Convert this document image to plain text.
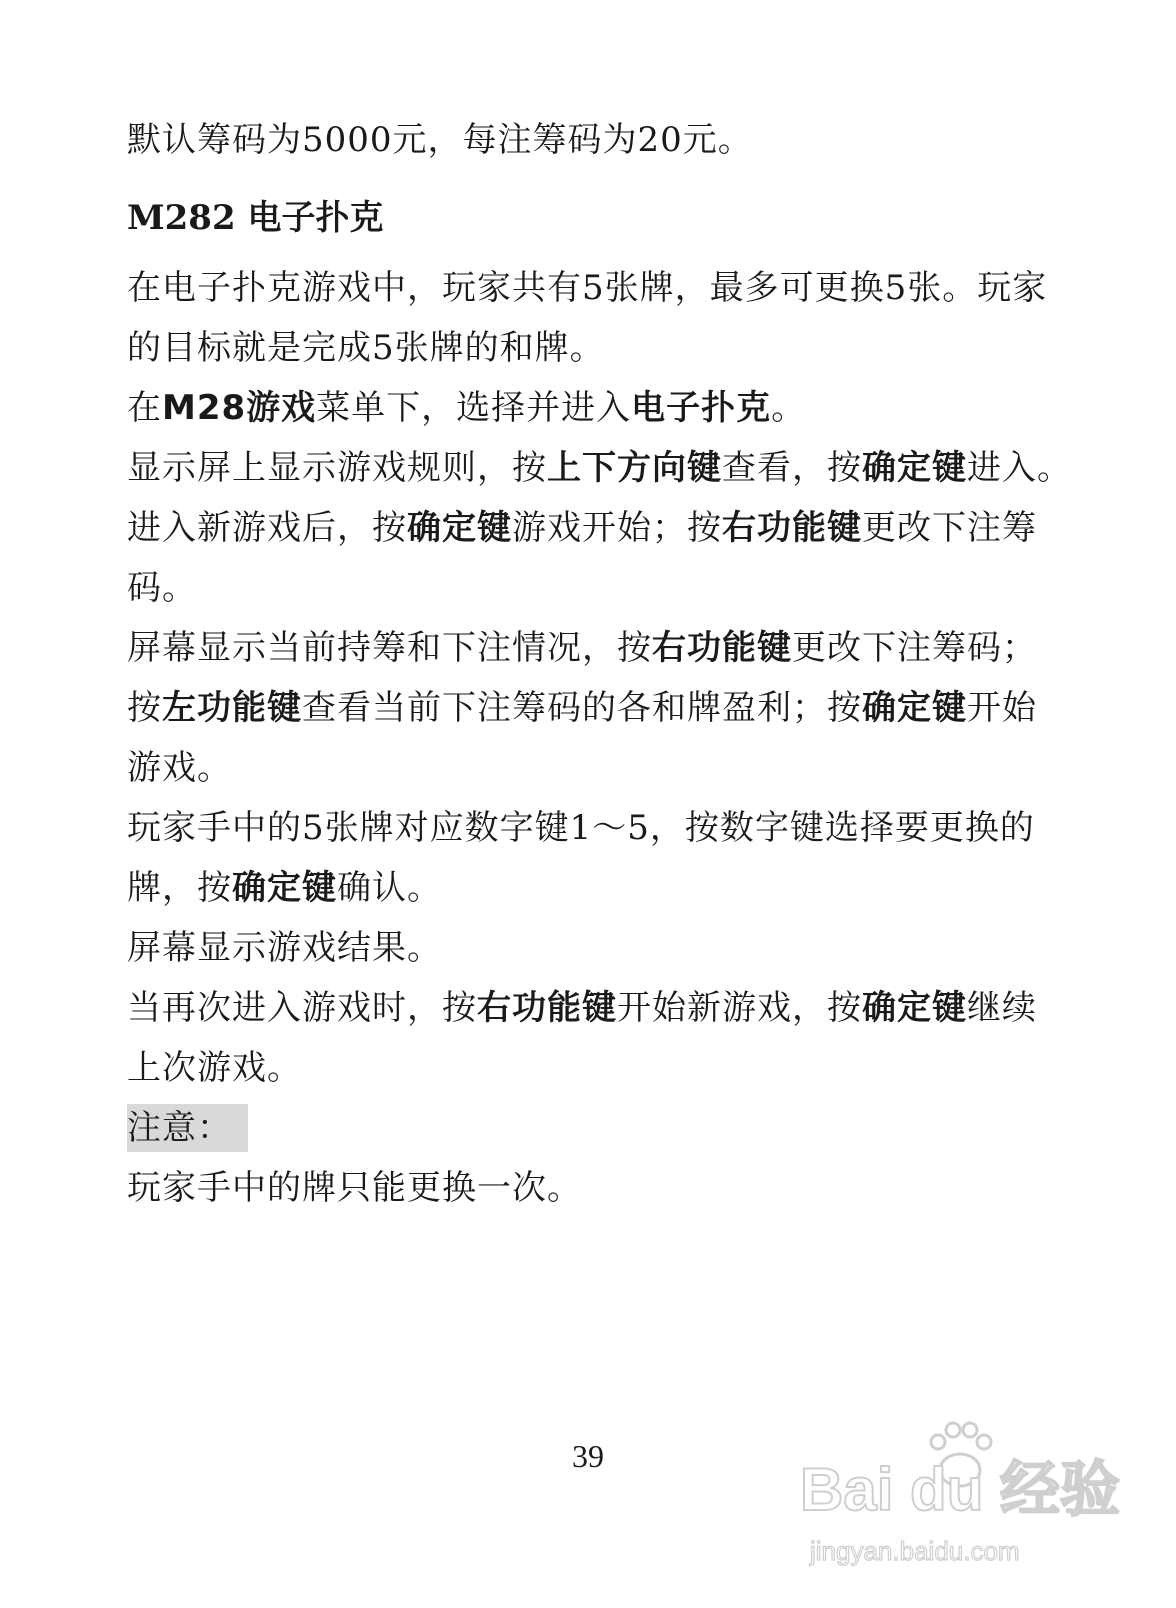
默认筹码为5000元，每注筹码为20元。
M282 电子扑克
在电子扑克游戏中，玩家共有5张牌，最多可更换5张。玩家
的目标就是完成5张牌的和牌。
在M28游戏菜单下，选择并进入电子扑克。
显示屏上显示游戏规则，按上下方向键查看，按确定键进入。
进入新游戏后，按确定键游戏开始；按右功能键更改下注筹
码。
屏幕显示当前持筹和下注情况，按右功能键更改下注筹码；
按左功能键查看当前下注筹码的各和牌盈利；按确定键开始
游戏。
玩家手中的5张牌对应数字键1～5，按数字键选择要更换的
牌，按确定键确认。
屏幕显示游戏结果。
当再次进入游戏时，按右功能键开始新游戏，按确定键继续
上次游戏。
注意：
玩家手中的牌只能更换一次。
39	Bai du 经验
jingyan.baidu.com
